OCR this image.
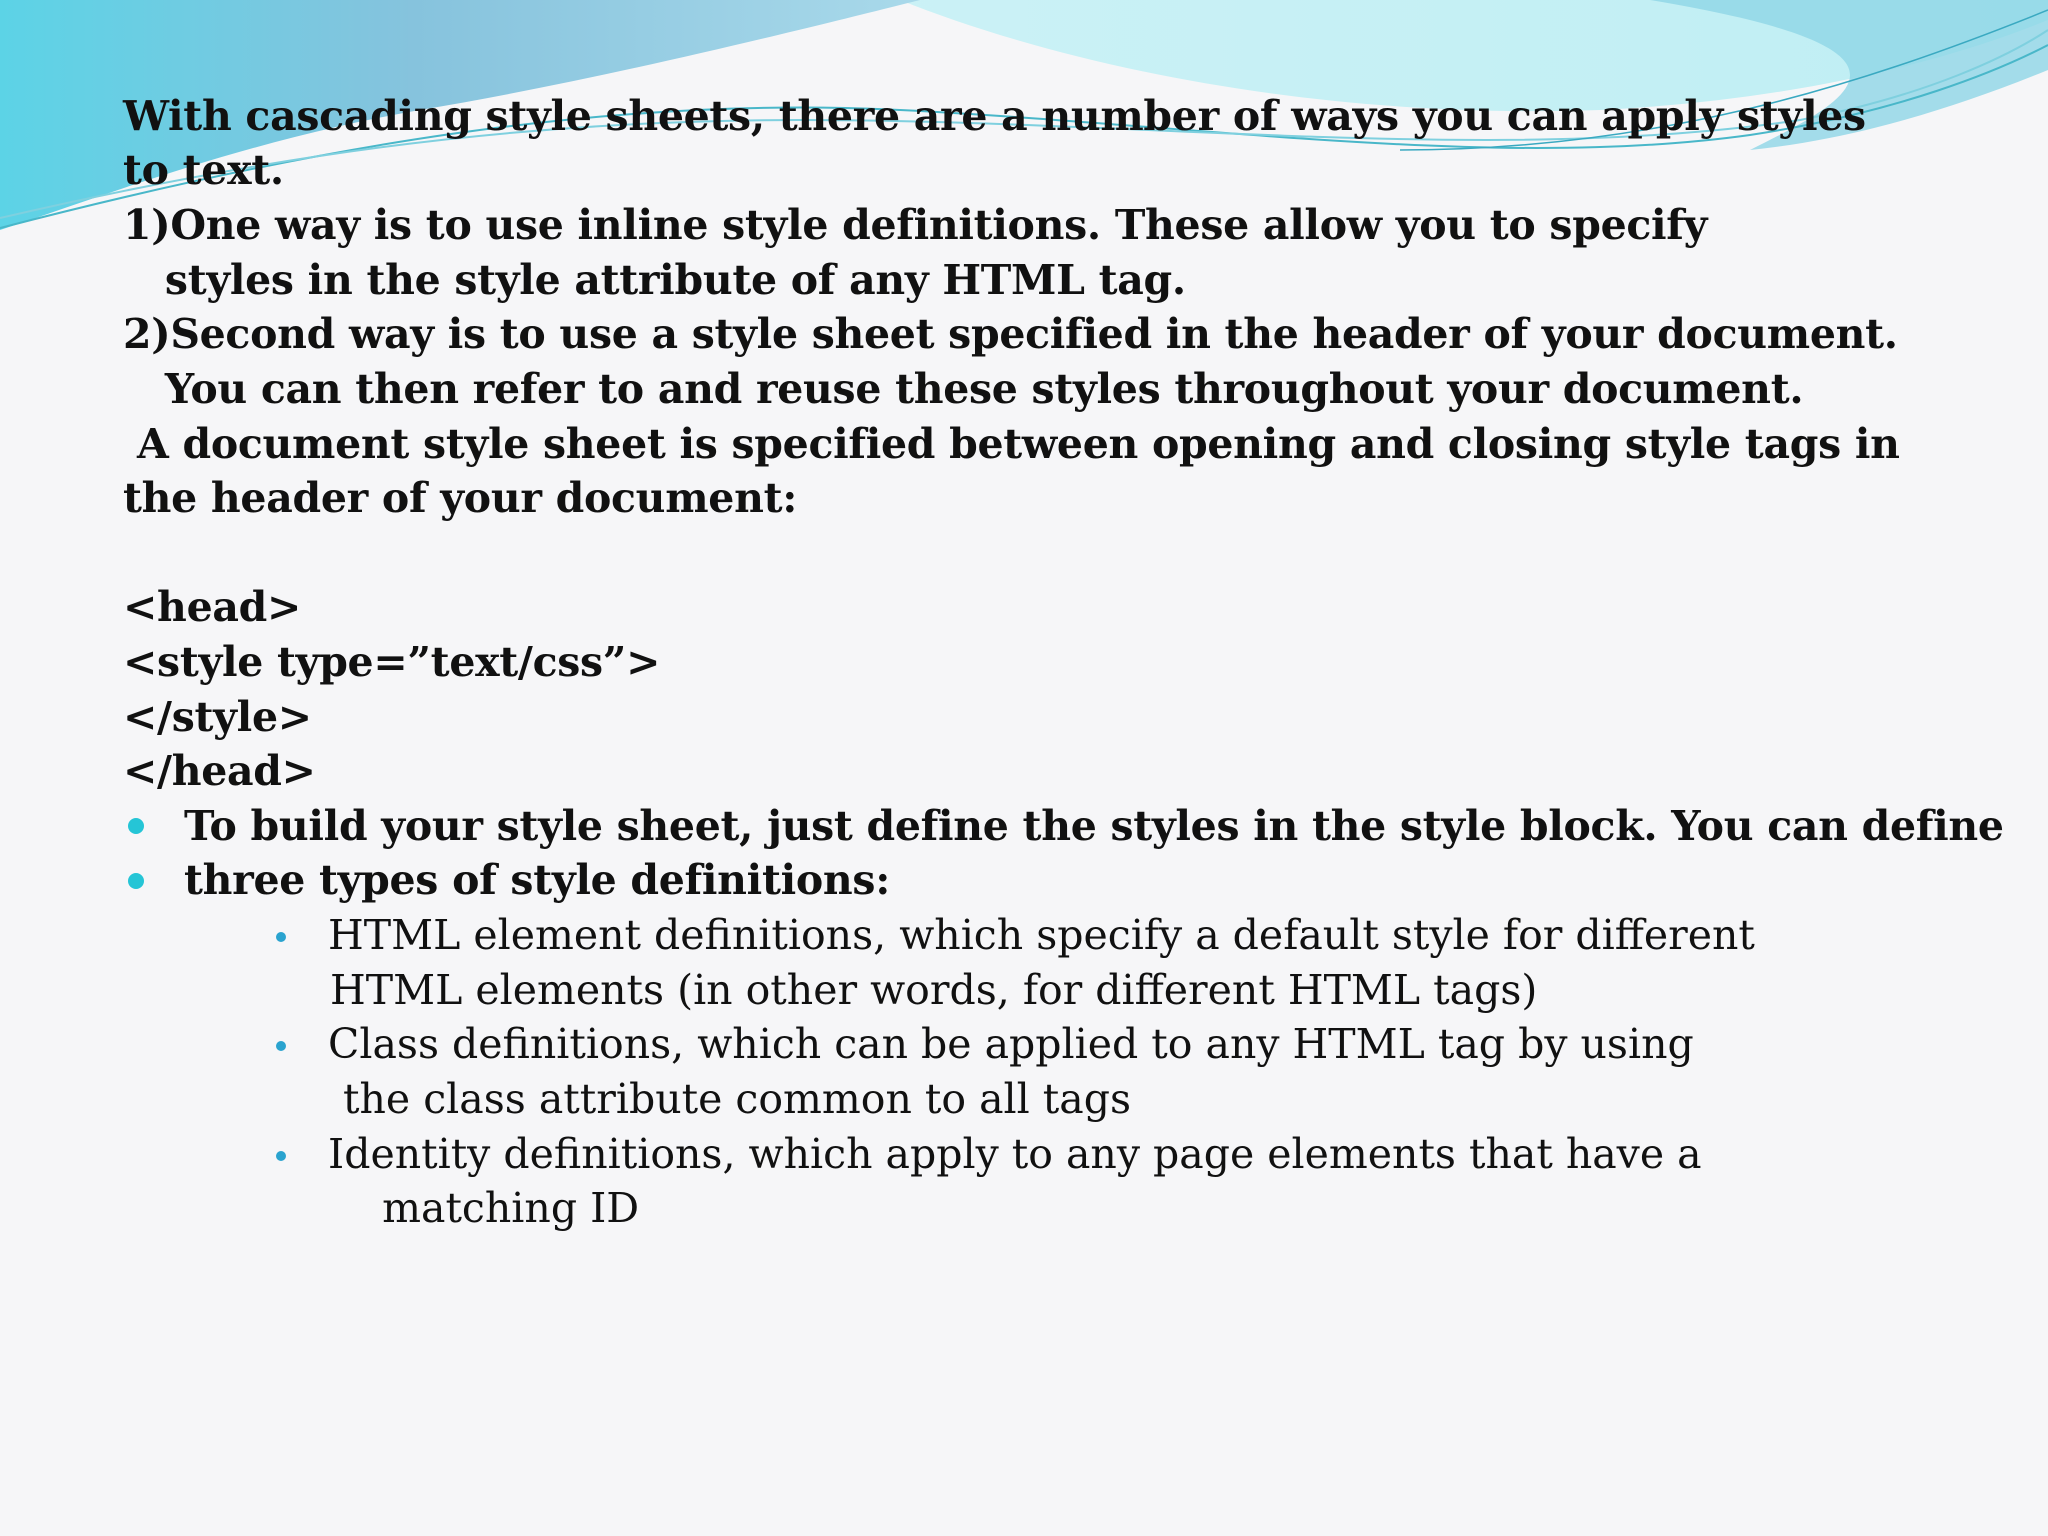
With cascading style sheets, there are a number of ways you can apply styles
to text.
1)One way is to use inline style definitions. These allow you to specify
styles in the style attribute of any HTML tag.
2)Second way is to use a style sheet specified in the header of your document.
You can then refer to and reuse these styles throughout your document.
A document style sheet is specified between opening and closing style tags in
the header of your document:
<head>
<style type=”text/css”>
</style>
</head>
To build your style sheet, just define the styles in the style block. You can define
three types of style definitions:
HTML element definitions, which specify a default style for different
HTML elements (in other words, for different HTML tags)
Class definitions, which can be applied to any HTML tag by using
the class attribute common to all tags
Identity definitions, which apply to any page elements that have a
matching ID
